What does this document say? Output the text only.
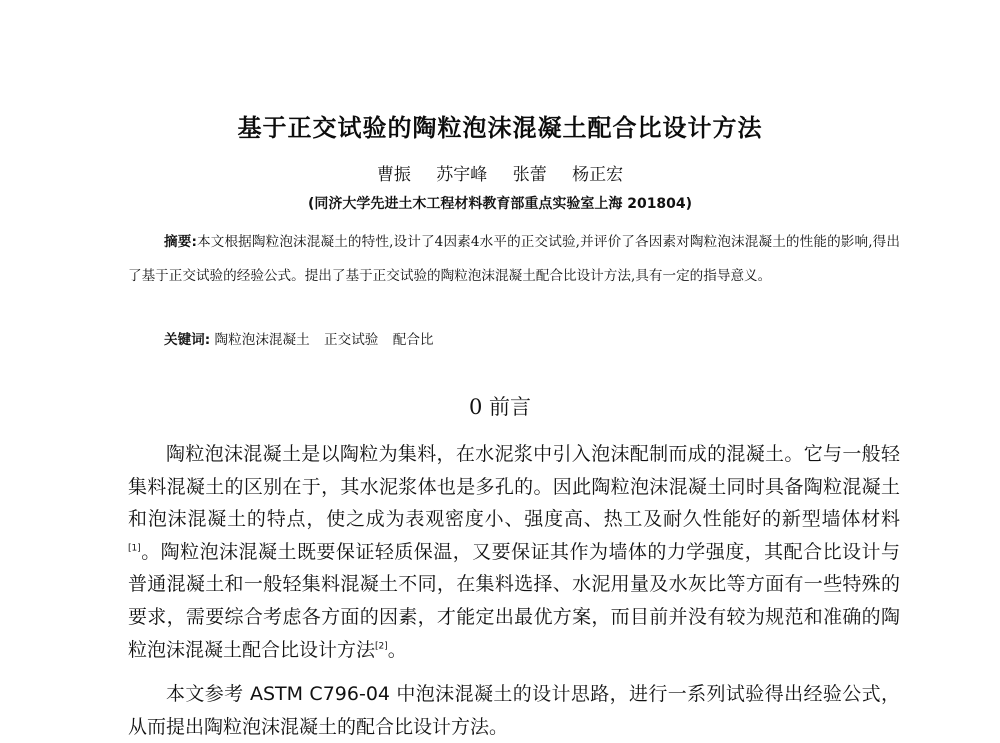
基于正交试验的陶粒泡沫混凝土配合比设计方法
曹振 苏宇峰 张蕾 杨正宏
(同济大学先进土木工程材料教育部重点实验室上海 201804)
摘要:本文根据陶粒泡沫混凝土的特性,设计了4因素4水平的正交试验,并评价了各因素对陶粒泡沫混凝土的性能的影响,得出了基于正交试验的经验公式。提出了基于正交试验的陶粒泡沫混凝土配合比设计方法,具有一定的指导意义。
关键词: 陶粒泡沫混凝土 正交试验 配合比
0 前言
陶粒泡沫混凝土是以陶粒为集料，在水泥浆中引入泡沫配制而成的混凝土。它与一般轻集料混凝土的区别在于，其水泥浆体也是多孔的。因此陶粒泡沫混凝土同时具备陶粒混凝土和泡沫混凝土的特点，使之成为表观密度小、强度高、热工及耐久性能好的新型墙体材料[1]。陶粒泡沫混凝土既要保证轻质保温，又要保证其作为墙体的力学强度，其配合比设计与普通混凝土和一般轻集料混凝土不同，在集料选择、水泥用量及水灰比等方面有一些特殊的要求，需要综合考虑各方面的因素，才能定出最优方案，而目前并没有较为规范和准确的陶粒泡沫混凝土配合比设计方法[2]。
本文参考 ASTM C796-04 中泡沫混凝土的设计思路，进行一系列试验得出经验公式，从而提出陶粒泡沫混凝土的配合比设计方法。
